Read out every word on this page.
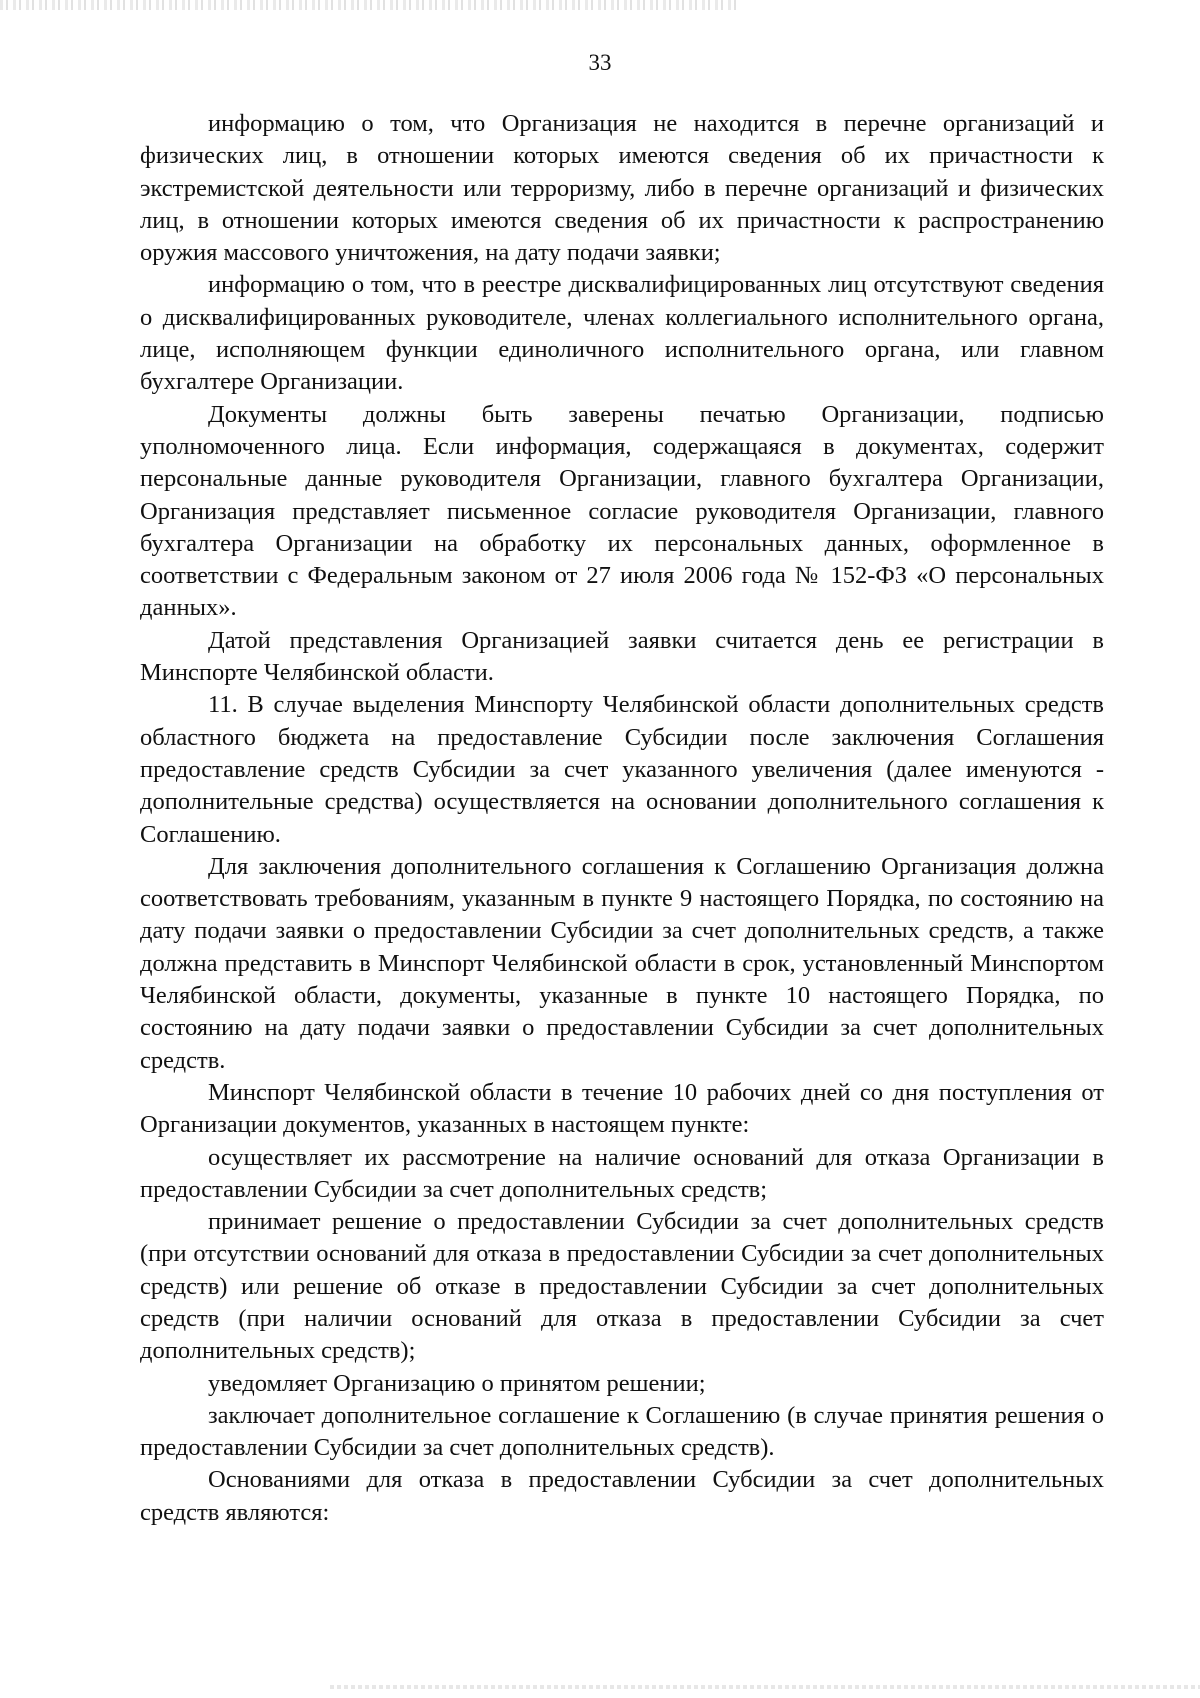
33

информацию о том, что Организация не находится в перечне организаций и физических лиц, в отношении которых имеются сведения об их причастности к экстремистской деятельности или терроризму, либо в перечне организаций и физических лиц, в отношении которых имеются сведения об их причастности к распространению оружия массового уничтожения, на дату подачи заявки;

информацию о том, что в реестре дисквалифицированных лиц отсутствуют сведения о дисквалифицированных руководителе, членах коллегиального исполнительного органа, лице, исполняющем функции единоличного исполнительного органа, или главном бухгалтере Организации.

Документы должны быть заверены печатью Организации, подписью уполномоченного лица. Если информация, содержащаяся в документах, содержит персональные данные руководителя Организации, главного бухгалтера Организации, Организация представляет письменное согласие руководителя Организации, главного бухгалтера Организации на обработку их персональных данных, оформленное в соответствии с Федеральным законом от 27 июля 2006 года № 152-ФЗ «О персональных данных».

Датой представления Организацией заявки считается день ее регистрации в Минспорте Челябинской области.

11. В случае выделения Минспорту Челябинской области дополнительных средств областного бюджета на предоставление Субсидии после заключения Соглашения предоставление средств Субсидии за счет указанного увеличения (далее именуются - дополнительные средства) осуществляется на основании дополнительного соглашения к Соглашению.

Для заключения дополнительного соглашения к Соглашению Организация должна соответствовать требованиям, указанным в пункте 9 настоящего Порядка, по состоянию на дату подачи заявки о предоставлении Субсидии за счет дополнительных средств, а также должна представить в Минспорт Челябинской области в срок, установленный Минспортом Челябинской области, документы, указанные в пункте 10 настоящего Порядка, по состоянию на дату подачи заявки о предоставлении Субсидии за счет дополнительных средств.

Минспорт Челябинской области в течение 10 рабочих дней со дня поступления от Организации документов, указанных в настоящем пункте:

осуществляет их рассмотрение на наличие оснований для отказа Организации в предоставлении Субсидии за счет дополнительных средств;

принимает решение о предоставлении Субсидии за счет дополнительных средств (при отсутствии оснований для отказа в предоставлении Субсидии за счет дополнительных средств) или решение об отказе в предоставлении Субсидии за счет дополнительных средств (при наличии оснований для отказа в предоставлении Субсидии за счет дополнительных средств);

уведомляет Организацию о принятом решении;

заключает дополнительное соглашение к Соглашению (в случае принятия решения о предоставлении Субсидии за счет дополнительных средств).

Основаниями для отказа в предоставлении Субсидии за счет дополнительных средств являются:
